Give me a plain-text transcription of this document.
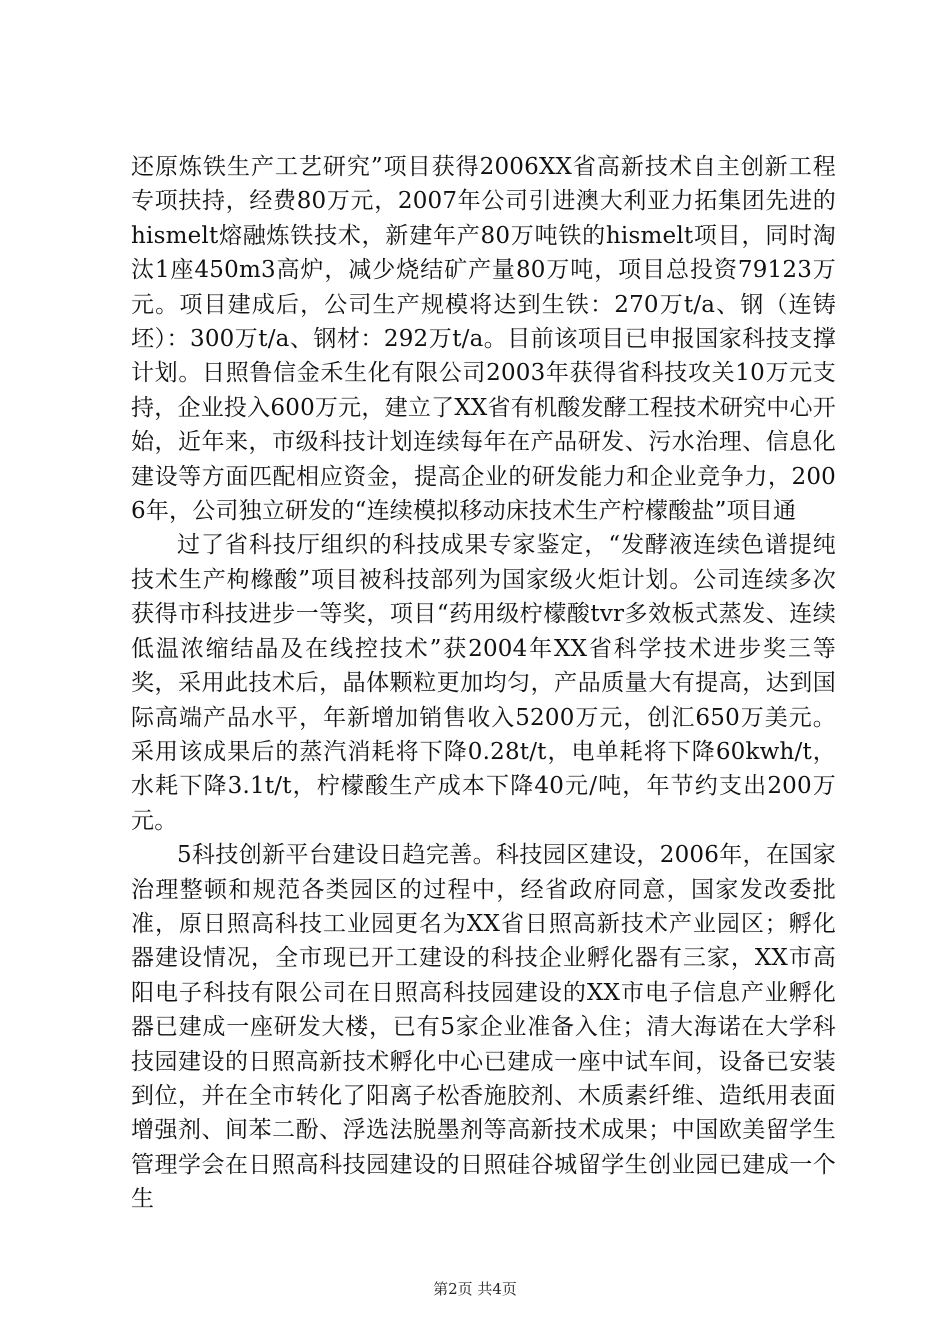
还原炼铁生产工艺研究”项目获得2006XX省高新技术自主创新工程专项扶持，经费80万元，2007年公司引进澳大利亚力拓集团先进的hismelt熔融炼铁技术，新建年产80万吨铁的hismelt项目，同时淘汰1座450m3高炉，减少烧结矿产量80万吨，项目总投资79123万元。项目建成后，公司生产规模将达到生铁：270万t/a、钢（连铸坯）：300万t/a、钢材：292万t/a。目前该项目已申报国家科技支撑计划。日照鲁信金禾生化有限公司2003年获得省科技攻关10万元支持，企业投入600万元，建立了XX省有机酸发酵工程技术研究中心开始，近年来，市级科技计划连续每年在产品研发、污水治理、信息化建设等方面匹配相应资金，提高企业的研发能力和企业竞争力，2006年，公司独立研发的“连续模拟移动床技术生产柠檬酸盐”项目通

过了省科技厅组织的科技成果专家鉴定，“发酵液连续色谱提纯技术生产枸橼酸”项目被科技部列为国家级火炬计划。公司连续多次获得市科技进步一等奖，项目“药用级柠檬酸tvr多效板式蒸发、连续低温浓缩结晶及在线控技术”获2004年XX省科学技术进步奖三等奖，采用此技术后，晶体颗粒更加均匀，产品质量大有提高，达到国际高端产品水平，年新增加销售收入5200万元，创汇650万美元。采用该成果后的蒸汽消耗将下降0.28t/t，电单耗将下降60kwh/t，水耗下降3.1t/t，柠檬酸生产成本下降40元/吨，年节约支出200万元。

5科技创新平台建设日趋完善。科技园区建设，2006年，在国家治理整顿和规范各类园区的过程中，经省政府同意，国家发改委批准，原日照高科技工业园更名为XX省日照高新技术产业园区；孵化器建设情况，全市现已开工建设的科技企业孵化器有三家，XX市高阳电子科技有限公司在日照高科技园建设的XX市电子信息产业孵化器已建成一座研发大楼，已有5家企业准备入住；清大海诺在大学科技园建设的日照高新技术孵化中心已建成一座中试车间，设备已安装到位，并在全市转化了阳离子松香施胶剂、木质素纤维、造纸用表面增强剂、间苯二酚、浮选法脱墨剂等高新技术成果；中国欧美留学生管理学会在日照高科技园建设的日照硅谷城留学生创业园已建成一个生

第2页 共4页
